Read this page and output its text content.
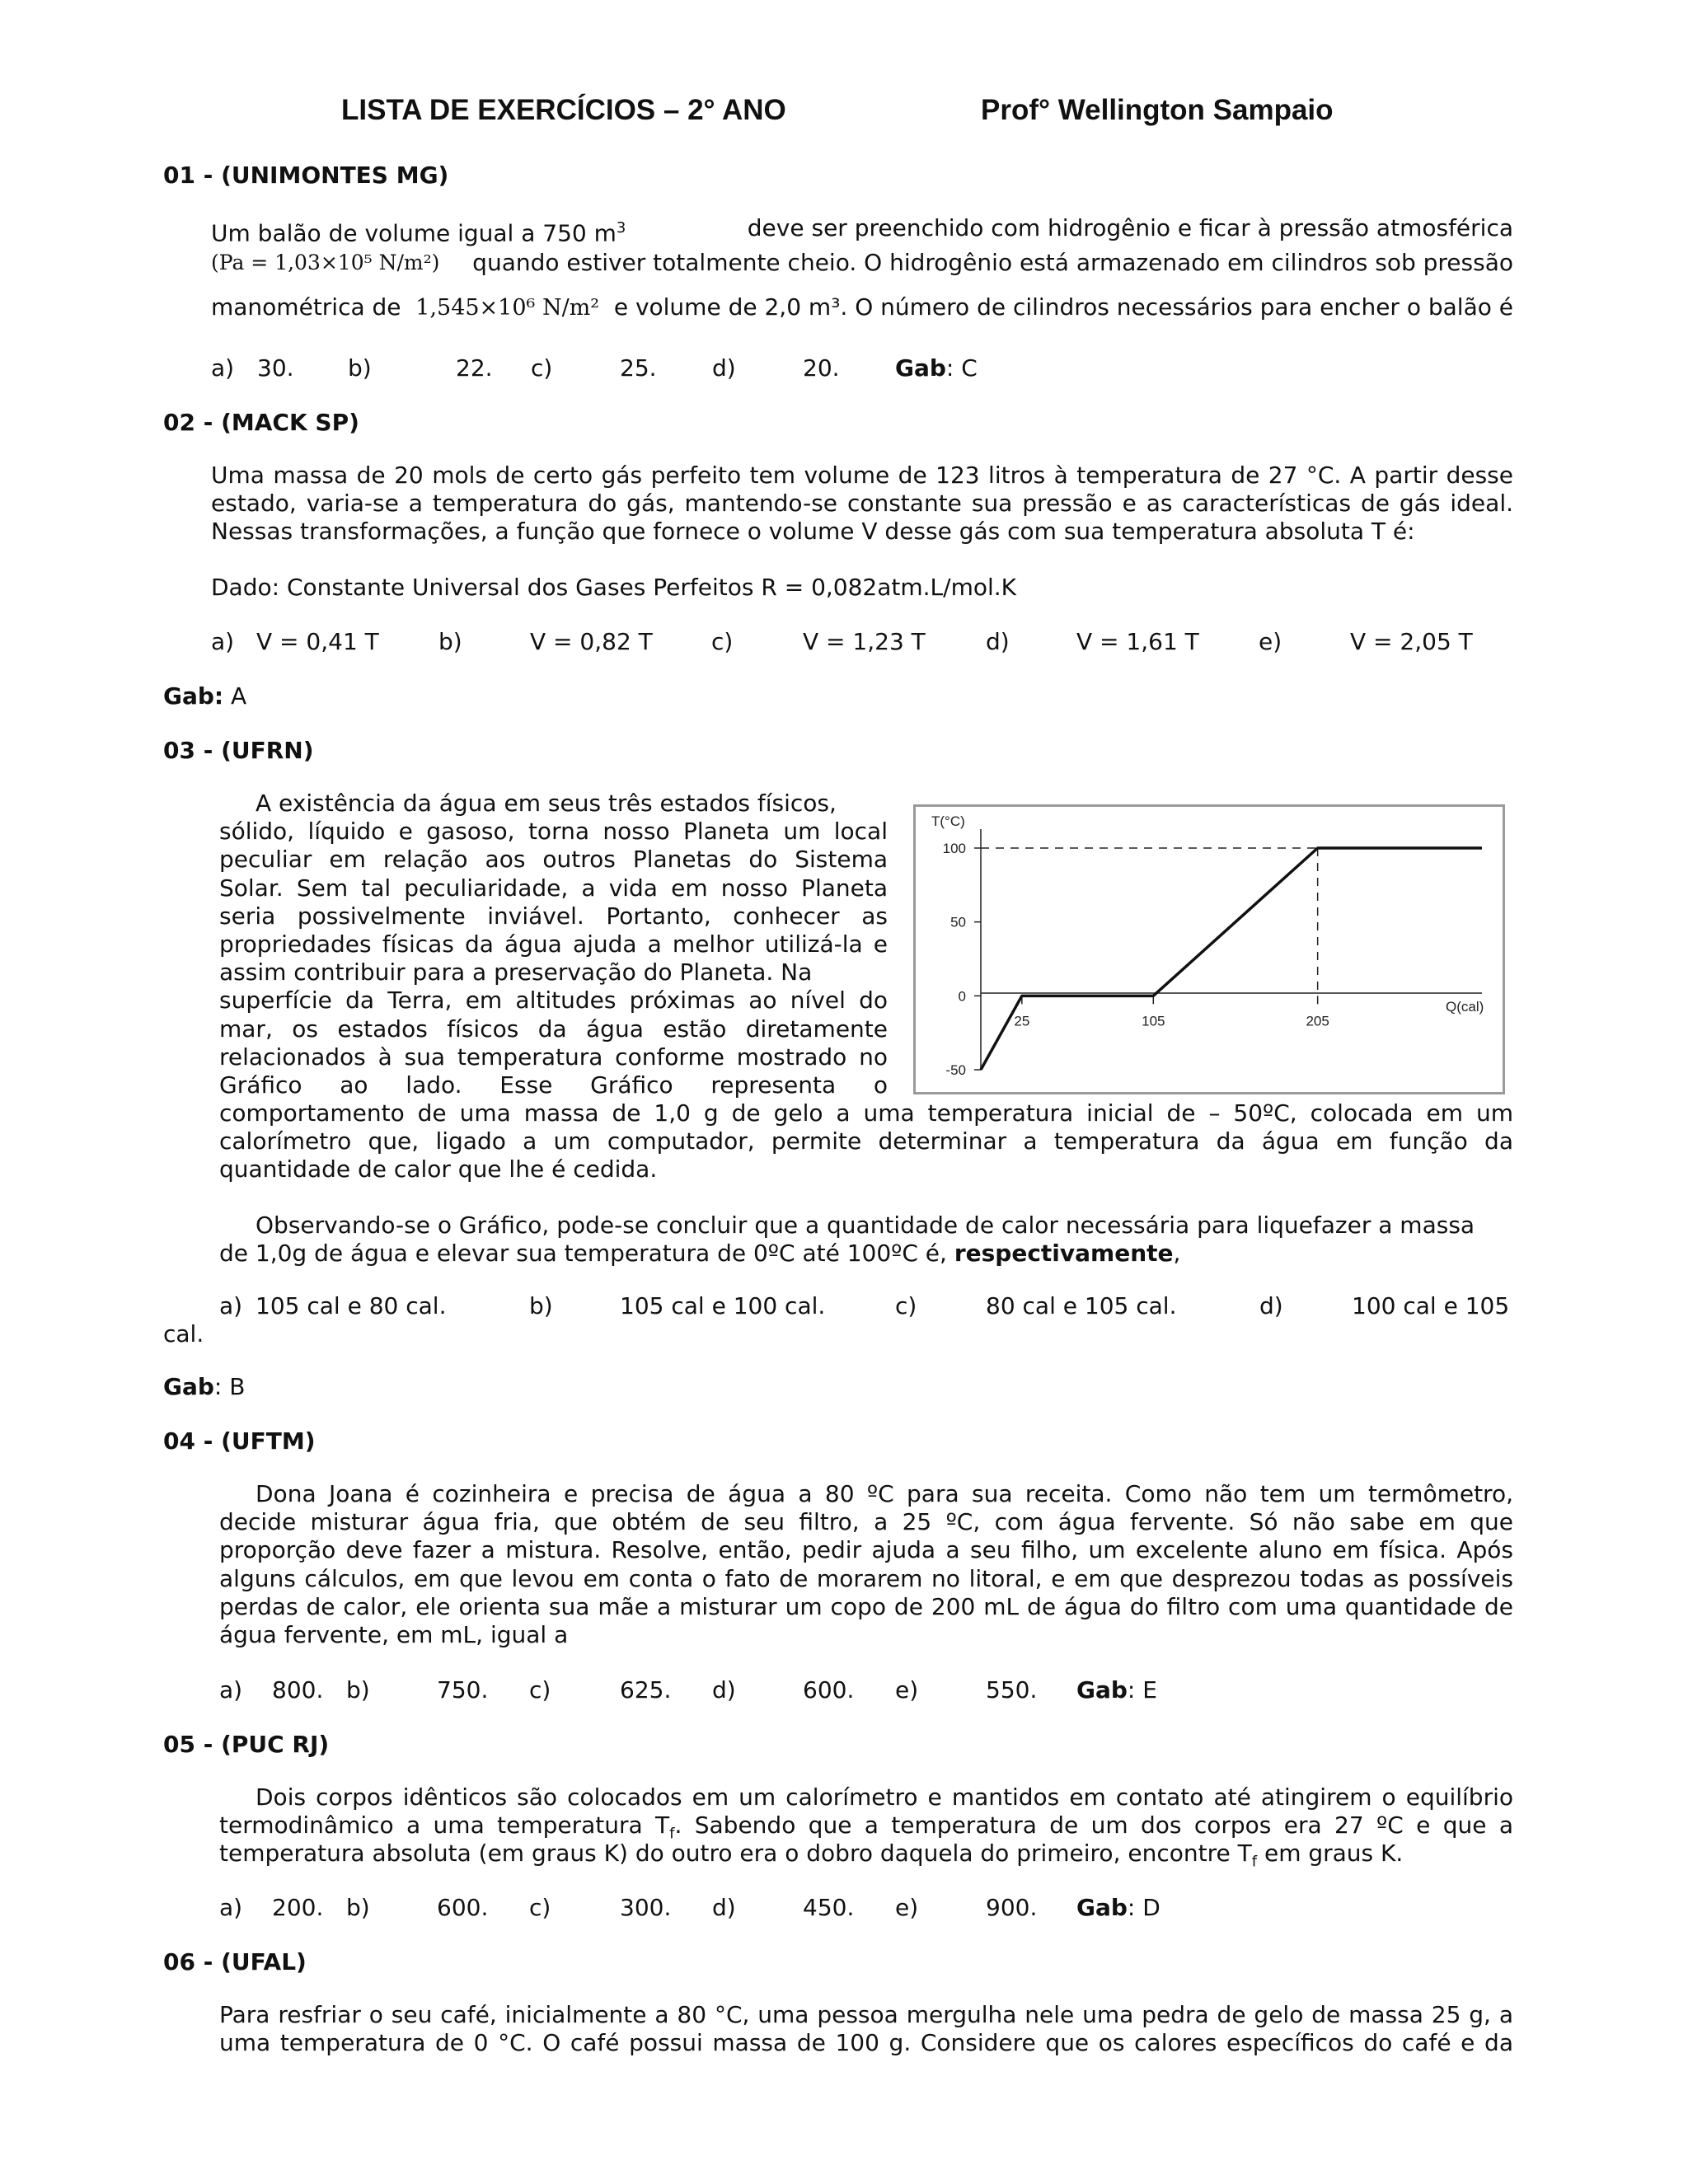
LISTA DE EXERCÍCIOS – 2° ANO	Prof° Wellington Sampaio
01 - (UNIMONTES MG)
Um balão de volume igual a 750 $m^3$	deve ser preenchido com hidrogênio e ficar à pressão atmosférica
(Pa = 1,03×10⁵ N/m²) quando estiver totalmente cheio. O hidrogênio está armazenado em cilindros sob pressão
manométrica de 1,545×10⁶ N/m² e volume de 2,0 m³. O número de cilindros necessários para encher o balão é
a) 30. b)	22. c)	25. d)	20. Gab: C
02 - (MACK SP)
Uma massa de 20 mols de certo gás perfeito tem volume de 123 litros à temperatura de 27 °C. A partir desse
estado, varia-se a temperatura do gás, mantendo-se constante sua pressão e as características de gás ideal.
Nessas transformações, a função que fornece o volume V desse gás com sua temperatura absoluta T é:
Dado: Constante Universal dos Gases Perfeitos R = 0,082atm.L/mol.K
a) V = 0,41 T	b)	V = 0,82 T	c)	V = 1,23 T	d)	V = 1,61 T	e)	V = 2,05 T
Gab: A
03 - (UFRN)
A existência da água em seus três estados físicos,
sólido, líquido e gasoso, torna nosso Planeta um local
peculiar em relação aos outros Planetas do Sistema
Solar. Sem tal peculiaridade, a vida em nosso Planeta
seria possivelmente inviável. Portanto, conhecer as
propriedades físicas da água ajuda a melhor utilizá-la e
assim contribuir para a preservação do Planeta. Na
superfície da Terra, em altitudes próximas ao nível do
mar, os estados físicos da água estão diretamente
relacionados à sua temperatura conforme mostrado no
Gráfico ao lado. Esse Gráfico representa o
comportamento de uma massa de 1,0 g de gelo a uma temperatura inicial de – 50ºC, colocada em um
calorímetro que, ligado a um computador, permite determinar a temperatura da água em função da
quantidade de calor que lhe é cedida.
Observando-se o Gráfico, pode-se concluir que a quantidade de calor necessária para liquefazer a massa
de 1,0g de água e elevar sua temperatura de 0ºC até 100ºC é, respectivamente,
a) 105 cal e 80 cal.	b)	105 cal e 100 cal.	c)	80 cal e 105 cal.	d)	100 cal e 105
cal.
Gab: B
T(°C)
Q(cal)
100
50
0
-50
25	105	205
04 - (UFTM)
Dona Joana é cozinheira e precisa de água a 80 ºC para sua receita. Como não tem um termômetro,
decide misturar água fria, que obtém de seu filtro, a 25 ºC, com água fervente. Só não sabe em que
proporção deve fazer a mistura. Resolve, então, pedir ajuda a seu filho, um excelente aluno em física. Após
alguns cálculos, em que levou em conta o fato de morarem no litoral, e em que desprezou todas as possíveis
perdas de calor, ele orienta sua mãe a misturar um copo de 200 mL de água do filtro com uma quantidade de
água fervente, em mL, igual a
a) 800. b)	750. c)	625. d)	600. e)	550. Gab: E
05 - (PUC RJ)
Dois corpos idênticos são colocados em um calorímetro e mantidos em contato até atingirem o equilíbrio
termodinâmico a uma temperatura $T_f$. Sabendo que a temperatura de um dos corpos era 27 ºC e que a
temperatura absoluta (em graus K) do outro era o dobro daquela do primeiro, encontre $T_f$ em graus K.
a) 200. b)	600. c)	300. d)	450. e)	900. Gab: D
06 - (UFAL)
Para resfriar o seu café, inicialmente a 80 °C, uma pessoa mergulha nele uma pedra de gelo de massa 25 g, a
uma temperatura de 0 °C. O café possui massa de 100 g. Considere que os calores específicos do café e da
